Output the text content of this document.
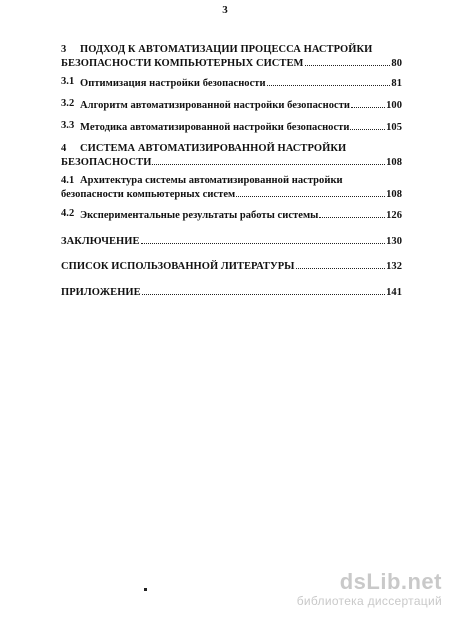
3
3 ПОДХОД К АВТОМАТИЗАЦИИ ПРОЦЕССА НАСТРОЙКИ
БЕЗОПАСНОСТИ КОМПЬЮТЕРНЫХ СИСТЕМ	80
3.1 Оптимизация настройки безопасности	81
3.2 Алгоритм автоматизированной настройки безопасности	100
3.3 Методика автоматизированной настройки безопасности	105
4 СИСТЕМА АВТОМАТИЗИРОВАННОЙ НАСТРОЙКИ
БЕЗОПАСНОСТИ	108
4.1 Архитектура системы автоматизированной настройки
безопасности компьютерных систем	108
4.2 Экспериментальные результаты работы системы	126
ЗАКЛЮЧЕНИЕ	130
СПИСОК ИСПОЛЬЗОВАННОЙ ЛИТЕРАТУРЫ	132
ПРИЛОЖЕНИЕ	141
dsLib.net
библиотека диссертаций
